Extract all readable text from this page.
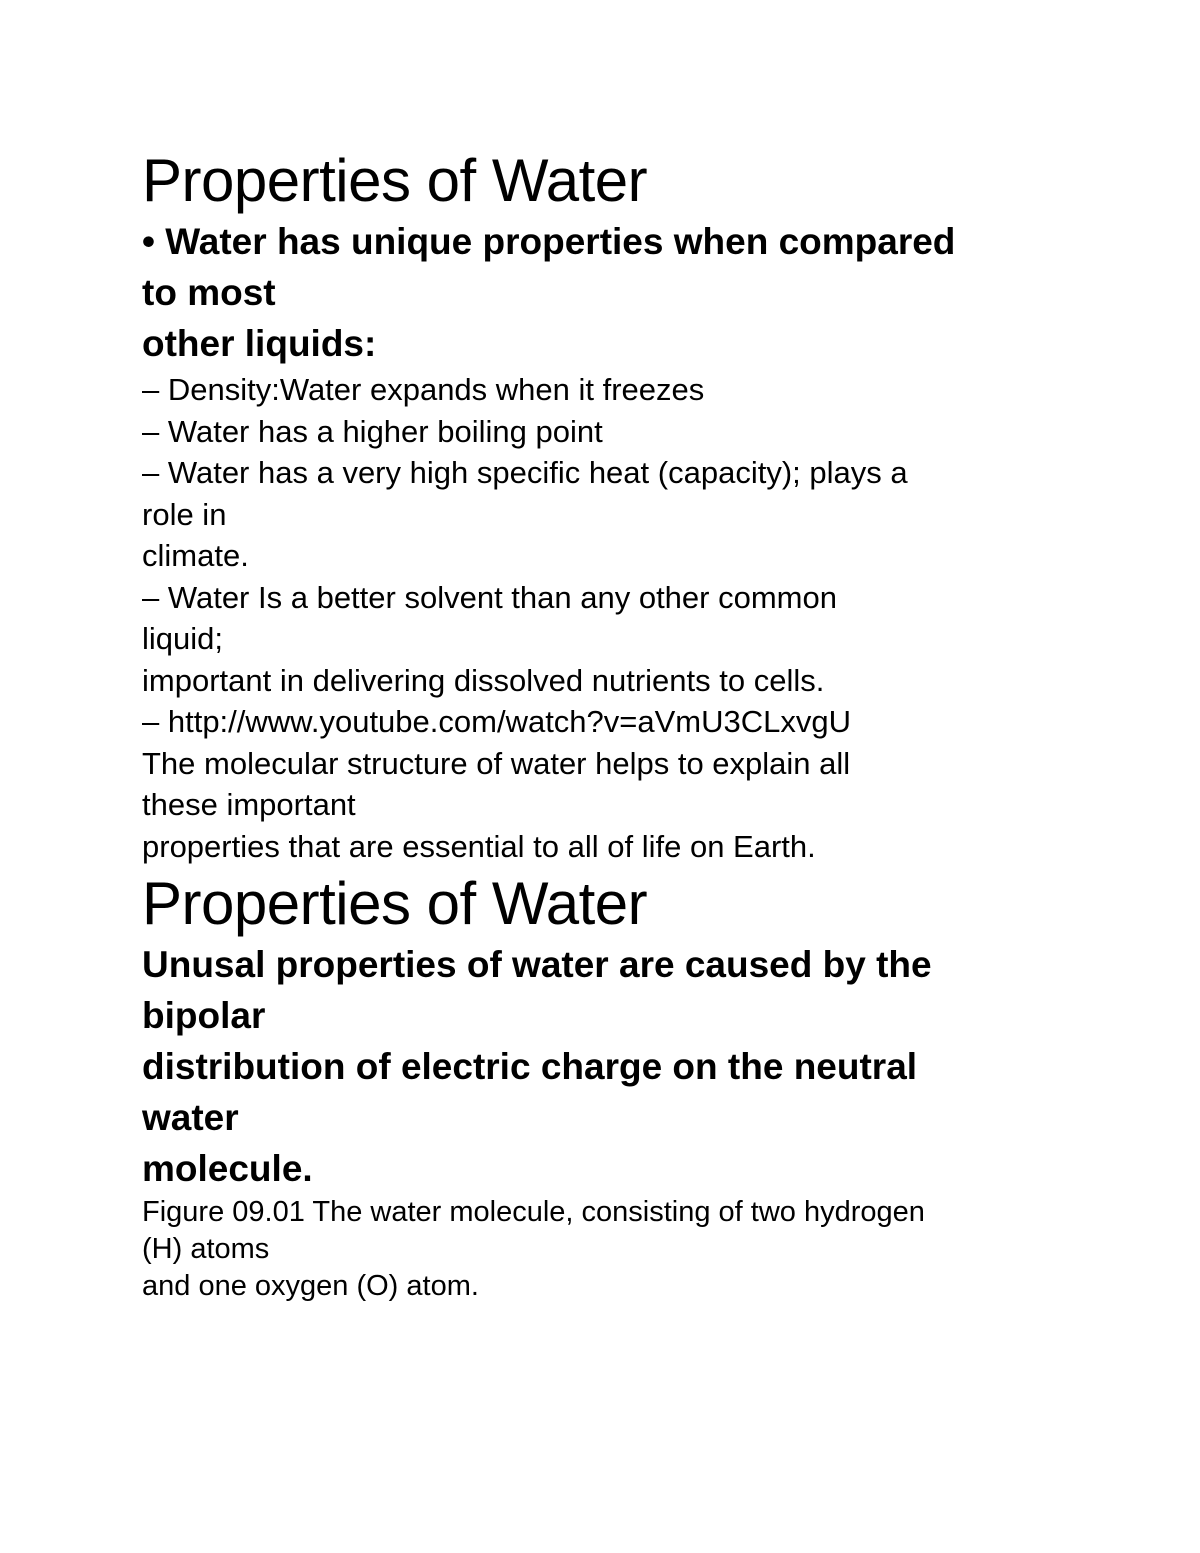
Properties of Water
• Water has unique properties when compared
to most
other liquids:
– Density:Water expands when it freezes
– Water has a higher boiling point
– Water has a very high specific heat (capacity); plays a
role in
climate.
– Water Is a better solvent than any other common
liquid;
important in delivering dissolved nutrients to cells.
– http://www.youtube.com/watch?v=aVmU3CLxvgU
The molecular structure of water helps to explain all
these important
properties that are essential to all of life on Earth.
Properties of Water
Unusal properties of water are caused by the
bipolar
distribution of electric charge on the neutral
water
molecule.
Figure 09.01 The water molecule, consisting of two hydrogen
(H) atoms
and one oxygen (O) atom.
